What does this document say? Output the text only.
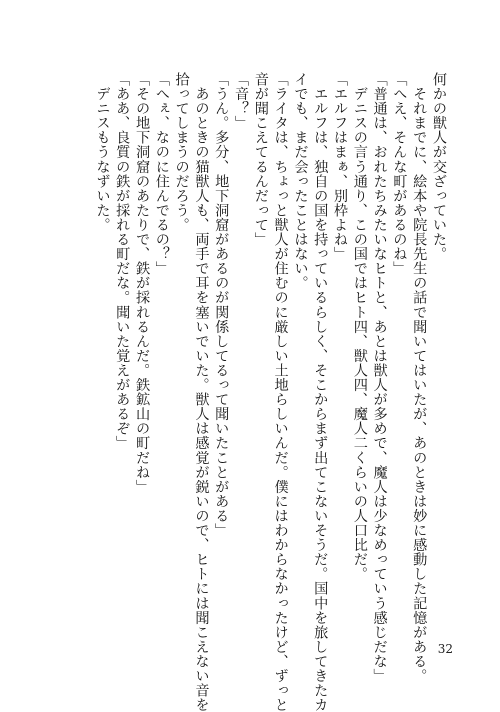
何かの獣人が交ざっていた。
　それまでに、絵本や院長先生の話で聞いてはいたが、あのときは妙に感動した記憶がある。
「へえ、そんな町があるのね」
「普通は、おれたちみたいなヒトと、あとは獣人が多めで、魔人は少なめっていう感じだな」
　デニスの言う通り、この国ではヒト四、獣人四、魔人二くらいの人口比だ。
「エルフはまぁ、別枠よね」
　エルフは、独自の国を持っているらしく、そこからまず出てこないそうだ。国中を旅してきたカ
イでも、まだ会ったことはない。
「ライタは、ちょっと獣人が住むのに厳しい土地らしいんだ。僕にはわからなかったけど、ずっと
音が聞こえてるんだって」
「音？」
「うん。多分、地下洞窟があるのが関係してるって聞いたことがある」
　あのときの猫獣人も、両手で耳を塞いでいた。獣人は感覚が鋭いので、ヒトには聞こえない音を
拾ってしまうのだろう。
「へぇ、なのに住んでるの？」
「その地下洞窟のあたりで、鉄が採れるんだ。鉄鉱山の町だね」
「ああ、良質の鉄が採れる町だな。聞いた覚えがあるぞ」
　デニスもうなずいた。
32
